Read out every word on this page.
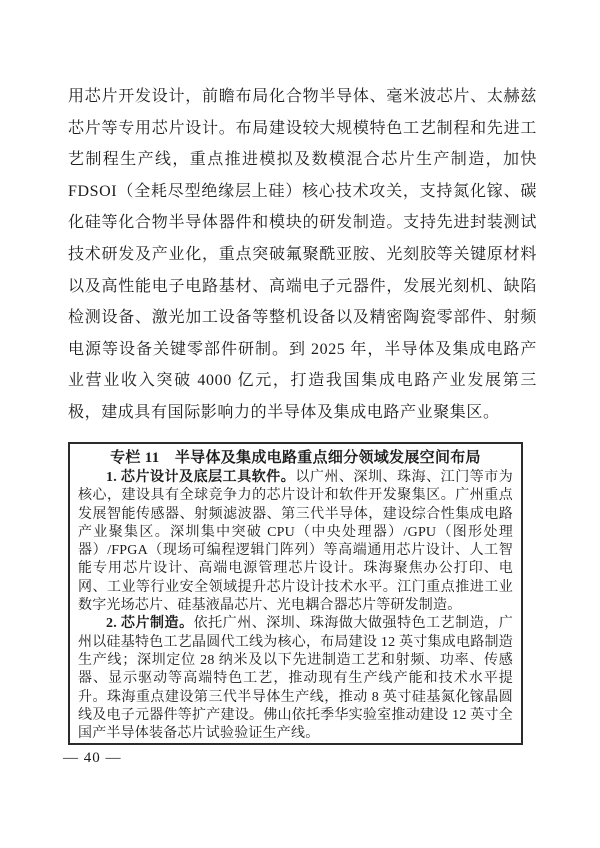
用芯片开发设计，前瞻布局化合物半导体、毫米波芯片、太赫兹芯片等专用芯片设计。布局建设较大规模特色工艺制程和先进工艺制程生产线，重点推进模拟及数模混合芯片生产制造，加快FDSOI（全耗尽型绝缘层上硅）核心技术攻关，支持氮化镓、碳化硅等化合物半导体器件和模块的研发制造。支持先进封装测试技术研发及产业化，重点突破氟聚酰亚胺、光刻胶等关键原材料以及高性能电子电路基材、高端电子元器件，发展光刻机、缺陷检测设备、激光加工设备等整机设备以及精密陶瓷零部件、射频电源等设备关键零部件研制。到 2025 年，半导体及集成电路产业营业收入突破 4000 亿元，打造我国集成电路产业发展第三极，建成具有国际影响力的半导体及集成电路产业聚集区。

专栏 11　半导体及集成电路重点细分领域发展空间布局

1. 芯片设计及底层工具软件。以广州、深圳、珠海、江门等市为核心，建设具有全球竞争力的芯片设计和软件开发聚集区。广州重点发展智能传感器、射频滤波器、第三代半导体，建设综合性集成电路产业聚集区。深圳集中突破 CPU（中央处理器）/GPU（图形处理器）/FPGA（现场可编程逻辑门阵列）等高端通用芯片设计、人工智能专用芯片设计、高端电源管理芯片设计。珠海聚焦办公打印、电网、工业等行业安全领域提升芯片设计技术水平。江门重点推进工业数字光场芯片、硅基液晶芯片、光电耦合器芯片等研发制造。

2. 芯片制造。依托广州、深圳、珠海做大做强特色工艺制造，广州以硅基特色工艺晶圆代工线为核心，布局建设 12 英寸集成电路制造生产线；深圳定位 28 纳米及以下先进制造工艺和射频、功率、传感器、显示驱动等高端特色工艺，推动现有生产线产能和技术水平提升。珠海重点建设第三代半导体生产线，推动 8 英寸硅基氮化镓晶圆线及电子元器件等扩产建设。佛山依托季华实验室推动建设 12 英寸全国产半导体装备芯片试验验证生产线。

— 40 —
